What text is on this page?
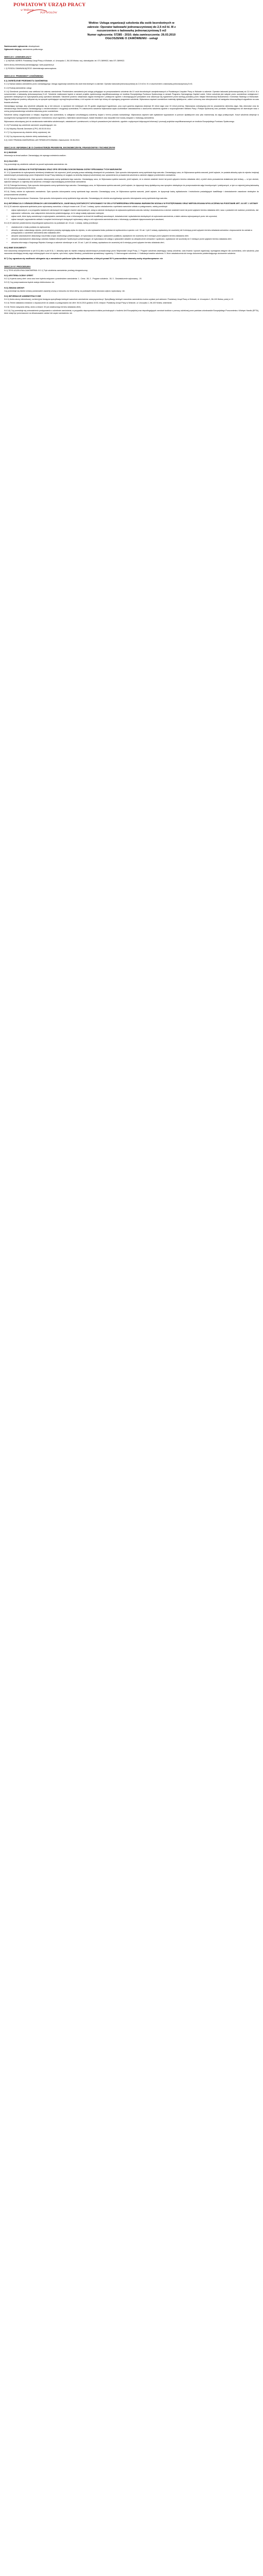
POWIATOWY URZĄD PRACY
w Wołowie
PUP WOŁÓW
Wołów: Usługa organizacji szkolenia dla osób bezrobotnych w
zakresie: Operator ładowarki jednonaczyniowej do 2,5 m3 kl. III z
rozszerzeniem o ładowarkę jednonaczyniową 5 m3
Numer ogłoszenia: 57285 - 2010; data zamieszczenia: 26.03.2010
OGŁOSZENIE O ZAMÓWIENIU - usługi
Zamieszczanie ogłoszenia: obowiązkowe.
Ogłoszenie dotyczy: zamówienia publicznego.
SEKCJA I: ZAMAWIAJĄCY

I. 1) NAZWA I ADRES: Powiatowy Urząd Pracy w Wołowie, ul. Uroczysko 1, 56-100 Wołów, woj. dolnośląskie, tel. 071 3899922, faks 071 3899922.

Adres strony internetowej zamawiającego: www.pupwolow.pl

I. 2) RODZAJ ZAMAWIAJĄCEGO: Administracja samorządowa.

SEKCJA II: PRZEDMIOT ZAMÓWIENIA
II.1) OKREŚLENIE PRZEDMIOTU ZAMÓWIENIA

II.1.1) Nazwa nadana zamówieniu przez zamawiającego: Usługa organizacji szkolenia dla osób bezrobotnych w zakresie: Operator ładowarki jednonaczyniowej do 2,5 m3 kl. III z rozszerzeniem o ładowarkę jednonaczyniową 5 m3.

II.1.2) Rodzaj zamówienia: usługi.

II.1.4) Określenie przedmiotu oraz wielkości lub zakresu zamówienia: Przedmiotem zamówienia jest usługa polegająca na przeprowadzeniu szkolenia dla 10 osób bezrobotnych zarejestrowanych w Powiatowym Urzędzie Pracy w Wołowie w zakresie: Operator ładowarki jednonaczyniowej do 2,5 m3 kl. III z rozszerzeniem o ładowarkę jednonaczyniową 5 m3. Szkolenie realizowane będzie w ramach projektu systemowego współfinansowanego ze środków Europejskiego Funduszu Społecznego w ramach Programu Operacyjnego Kapitał Ludzki. Celem szkolenia jest nabycie przez uczestników umiejętności i uprawnień niezbędnych do wykonywania pracy operatora ładowarki. Szkolenie powinno obejmować zajęcia teoretyczne i praktyczne zgodne z obowiązującymi przepisami oraz zakończyć się egzaminem przed komisją powołaną przez Instytut Mechanizacji Budownictwa i Górnictwa Skalnego w Warszawie. Zajęcia praktyczne powinny odbywać się na sprzęcie spełniającym wymogi bezpieczeństwa, a ich wymiar nie może być niższy niż wymagany programem szkolenia. Wykonawca zapewni uczestnikom materiały dydaktyczne, odzież ochronną oraz ubezpieczenie od następstw nieszczęśliwych wypadków na czas trwania szkolenia.

Zamawiający wymaga, aby szkolenie odbywało się w dni robocze, w wymiarze nie mniejszym niż 25 godzin zegarowych tygodniowo, przy czym godzina zegarowa obejmuje 45 minut zajęć oraz 15 minut przerwy. Wykonawca zobowiązany jest do prowadzenia dziennika zajęć, listy obecności oraz do niezwłocznego informowania Zamawiającego o nieobecnościach i rezygnacji uczestników. Po zakończeniu szkolenia Wykonawca wyda uczestnikom zaświadczenia o ukończeniu szkolenia zgodnie z rozporządzeniem Ministra Pracy i Polityki Społecznej oraz przekaże Zamawiającemu ich kserokopie wraz z oceną przeprowadzonego szkolenia dokonaną przez uczestników.

Szkolenie należy zorganizować w miejscu dogodnym dla uczestników, w odległości umożliwiającej codzienny dojazd z terenu powiatu wołowskiego. Wykonawca zapewni sale wykładowe wyposażone w pomoce dydaktyczne oraz plac manewrowy do zajęć praktycznych. Koszt szkolenia obejmuje w szczególności wynagrodzenie wykładowców i instruktorów, koszt egzaminu, materiałów szkoleniowych, badań lekarskich oraz wszystkie inne koszty związane z realizacją zamówienia.

Wykonawca zobowiązany jest do oznakowania materiałów szkoleniowych, zaświadczeń i pomieszczeń, w których prowadzone jest szkolenie, zgodnie z wytycznymi dotyczącymi informacji i promocji projektów współfinansowanych ze środków Europejskiego Funduszu Społecznego.

II.1.5) Przewiduje się udzielenie zamówień uzupełniających: nie.

II.1.6) Wspólny Słownik Zamówień (CPV): 80.53.00.00-8.

II.1.7) Czy dopuszcza się złożenie oferty częściowej: nie.

II.1.8) Czy dopuszcza się złożenie oferty wariantowej: nie.

II.2) CZAS TRWANIA ZAMÓWIENIA LUB TERMIN WYKONANIA: Zakończenie: 30.06.2010.

SEKCJA III: INFORMACJE O CHARAKTERZE PRAWNYM, EKONOMICZNYM, FINANSOWYM I TECHNICZNYM
III.1) WADIUM

Informacja na temat wadium: Zamawiający nie wymaga wniesienia wadium.

III.2) ZALICZKI

Czy przewiduje się udzielenie zaliczek na poczet wykonania zamówienia: nie.

III.3) WARUNKI UDZIAŁU W POSTĘPOWANIU ORAZ OPIS SPOSOBU DOKONYWANIA OCENY SPEŁNIANIA TYCH WARUNKÓW

III. 3.1) Uprawnienia do wykonywania określonej działalności lub czynności, jeżeli przepisy prawa nakładają obowiązek ich posiadania. Opis sposobu dokonywania oceny spełniania tego warunku: Zamawiający uzna, że Wykonawca spełnia warunek, jeżeli wykaże, że posiada aktualny wpis do rejestru instytucji szkoleniowych prowadzonego przez Wojewódzki Urząd Pracy właściwy ze względu na siedzibę instytucji szkoleniowej oraz uprawnienia do prowadzenia szkolenia w zakresie objętym przedmiotem zamówienia.

III.3.2) Wiedza i doświadczenie. Opis sposobu dokonywania oceny spełniania tego warunku: Zamawiający uzna, że Wykonawca spełnia warunek, jeżeli wykaże, że w okresie ostatnich trzech lat przed upływem terminu składania ofert, a jeżeli okres prowadzenia działalności jest krótszy — w tym okresie, wykonał należycie co najmniej dwa szkolenia o tematyce odpowiadającej przedmiotowi zamówienia.

III.3.3) Potencjał techniczny. Opis sposobu dokonywania oceny spełniania tego warunku: Zamawiający uzna, że Wykonawca spełnia warunek, jeżeli wykaże, że dysponuje bazą dydaktyczną oraz sprzętem niezbędnym do przeprowadzenia zajęć teoretycznych i praktycznych, w tym co najmniej jedną ładowarką jednonaczyniową sprawną technicznie.

III.3.4) Osoby zdolne do wykonania zamówienia. Opis sposobu dokonywania oceny spełniania tego warunku: Zamawiający uzna, że Wykonawca spełnia warunek, jeżeli wykaże, że dysponuje kadrą wykładowców i instruktorów posiadających kwalifikacje i doświadczenie zawodowe niezbędne do przeprowadzenia szkolenia.

III.3.5) Sytuacja ekonomiczna i finansowa. Opis sposobu dokonywania oceny spełniania tego warunku: Zamawiający nie określa szczegółowego sposobu dokonywania oceny spełniania tego warunku.

III.4) INFORMACJA O OŚWIADCZENIACH LUB DOKUMENTACH, JAKIE MAJĄ DOSTARCZYĆ WYKONAWCY W CELU POTWIERDZENIA SPEŁNIANIA WARUNKÓW UDZIAŁU W POSTĘPOWANIU ORAZ NIEPODLEGANIA WYKLUCZENIU NA PODSTAWIE ART. 24 UST. 1 USTAWY

III.4.1) W zakresie wykazania spełniania przez wykonawcę warunków, o których mowa w art. 22 ust. 1 ustawy, oprócz oświadczenia o spełnianiu warunków udziału w postępowaniu, należy przedłożyć:

• wykaz wykonanych, a w przypadku świadczeń okresowych lub ciągłych również wykonywanych, usług w zakresie niezbędnym do wykazania spełniania warunku wiedzy i doświadczenia w okresie ostatnich trzech lat przed upływem terminu składania ofert, wraz z podaniem ich wartości, przedmiotu, dat wykonania i odbiorców, oraz załączeniem dokumentu potwierdzającego, że te usługi zostały wykonane należycie;
• wykaz osób, które będą uczestniczyć w wykonywaniu zamówienia, wraz z informacjami na temat ich kwalifikacji zawodowych, doświadczenia i wykształcenia niezbędnych do wykonania zamówienia, a także zakresu wykonywanych przez nie czynności;
• wykaz narzędzi, wyposażenia zakładu i urządzeń technicznych dostępnych wykonawcy usług w celu wykonania zamówienia wraz z informacją o podstawie dysponowania tymi zasobami;

III.4.2) W zakresie potwierdzenia niepodlegania wykluczeniu na podstawie art. 24 ust. 1 ustawy, należy przedłożyć:

• oświadczenie o braku podstaw do wykluczenia;
• aktualny odpis z właściwego rejestru, jeżeli odrębne przepisy wymagają wpisu do rejestru, w celu wykazania braku podstaw do wykluczenia w oparciu o art. 24 ust. 1 pkt 2 ustawy, wystawiony nie wcześniej niż 6 miesięcy przed upływem terminu składania wniosków o dopuszczenie do udziału w postępowaniu o udzielenie zamówienia albo składania ofert;
• aktualne zaświadczenie właściwego naczelnika urzędu skarbowego potwierdzające, że wykonawca nie zalega z opłacaniem podatków, wystawione nie wcześniej niż 3 miesiące przed upływem terminu składania ofert;
• aktualne zaświadczenie właściwego oddziału Zakładu Ubezpieczeń Społecznych potwierdzające, że wykonawca nie zalega z opłacaniem składek na ubezpieczenie zdrowotne i społeczne, wystawione nie wcześniej niż 3 miesiące przed upływem terminu składania ofert;
• aktualna informacja z Krajowego Rejestru Karnego w zakresie określonym w art. 24 ust. 1 pkt 4-8 ustawy, wystawiona nie wcześniej niż 6 miesięcy przed upływem terminu składania ofert;
III.6) INNE DOKUMENTY

Inne dokumenty niewymienione w pkt III.4) albo w pkt III.5): 1. Aktualny wpis do rejestru instytucji szkoleniowych prowadzonego przez Wojewódzki Urząd Pracy. 2. Program szkolenia zawierający nazwę szkolenia, czas trwania i sposób organizacji, wymagania wstępne dla uczestników, cele szkolenia, plan nauczania określający tematy zajęć edukacyjnych oraz ich wymiar, opis treści, wykaz literatury, przewidziane sprawdziany i egzaminy. 3. Harmonogram szkolenia. 4. Kalkulacja kosztów szkolenia. 5. Wzór zaświadczenia lub innego dokumentu potwierdzającego ukończenie szkolenia.

III.7) Czy ogranicza się możliwość ubiegania się o zamówienie publiczne tylko dla wykonawców, u których ponad 50 % pracowników stanowią osoby niepełnosprawne: nie
SEKCJA IV: PROCEDURA

IV.1) TRYB UDZIELENIA ZAMÓWIENIA: IV.1.1) Tryb udzielenia zamówienia: przetarg nieograniczony.

IV.2) KRYTERIA OCENY OFERT

IV.2.1) Kryteria oceny ofert: cena oraz inne kryteria związane z przedmiotem zamówienia: 1 - Cena - 50; 2 - Program szkolenia - 30; 3 - Doświadczenie wykonawcy - 20.

IV.2.2) Czy przeprowadzona będzie aukcja elektroniczna: nie.

IV.3) ZMIANA UMOWY

Czy przewiduje się istotne zmiany postanowień zawartej umowy w stosunku do treści oferty, na podstawie której dokonano wyboru wykonawcy: nie.

IV.4) INFORMACJE ADMINISTRACYJNE

IV.4.1) Adres strony internetowej, na której jest dostępna specyfikacja istotnych warunków zamówienia: www.pupwolow.pl. Specyfikację istotnych warunków zamówienia można uzyskać pod adresem: Powiatowy Urząd Pracy w Wołowie, ul. Uroczysko 1, 56-100 Wołów, pokój nr 12.

IV.4.4) Termin składania wniosków o dopuszczenie do udziału w postępowaniu lub ofert: 06.04.2010 godzina 10:00, miejsce: Powiatowy Urząd Pracy w Wołowie, ul. Uroczysko 1, 56-100 Wołów, sekretariat.

IV.4.5) Termin związania ofertą: okres w dniach: 30 (od ostatecznego terminu składania ofert).

IV.4.14) Czy przewiduje się unieważnienie postępowania o udzielenie zamówienia, w przypadku nieprzyznania środków pochodzących z budżetu Unii Europejskiej oraz niepodlegających zwrotowi środków z pomocy udzielonej przez państwa członkowskie Europejskiego Porozumienia o Wolnym Handlu (EFTA), które miały być przeznaczone na sfinansowanie całości lub części zamówienia: nie.
